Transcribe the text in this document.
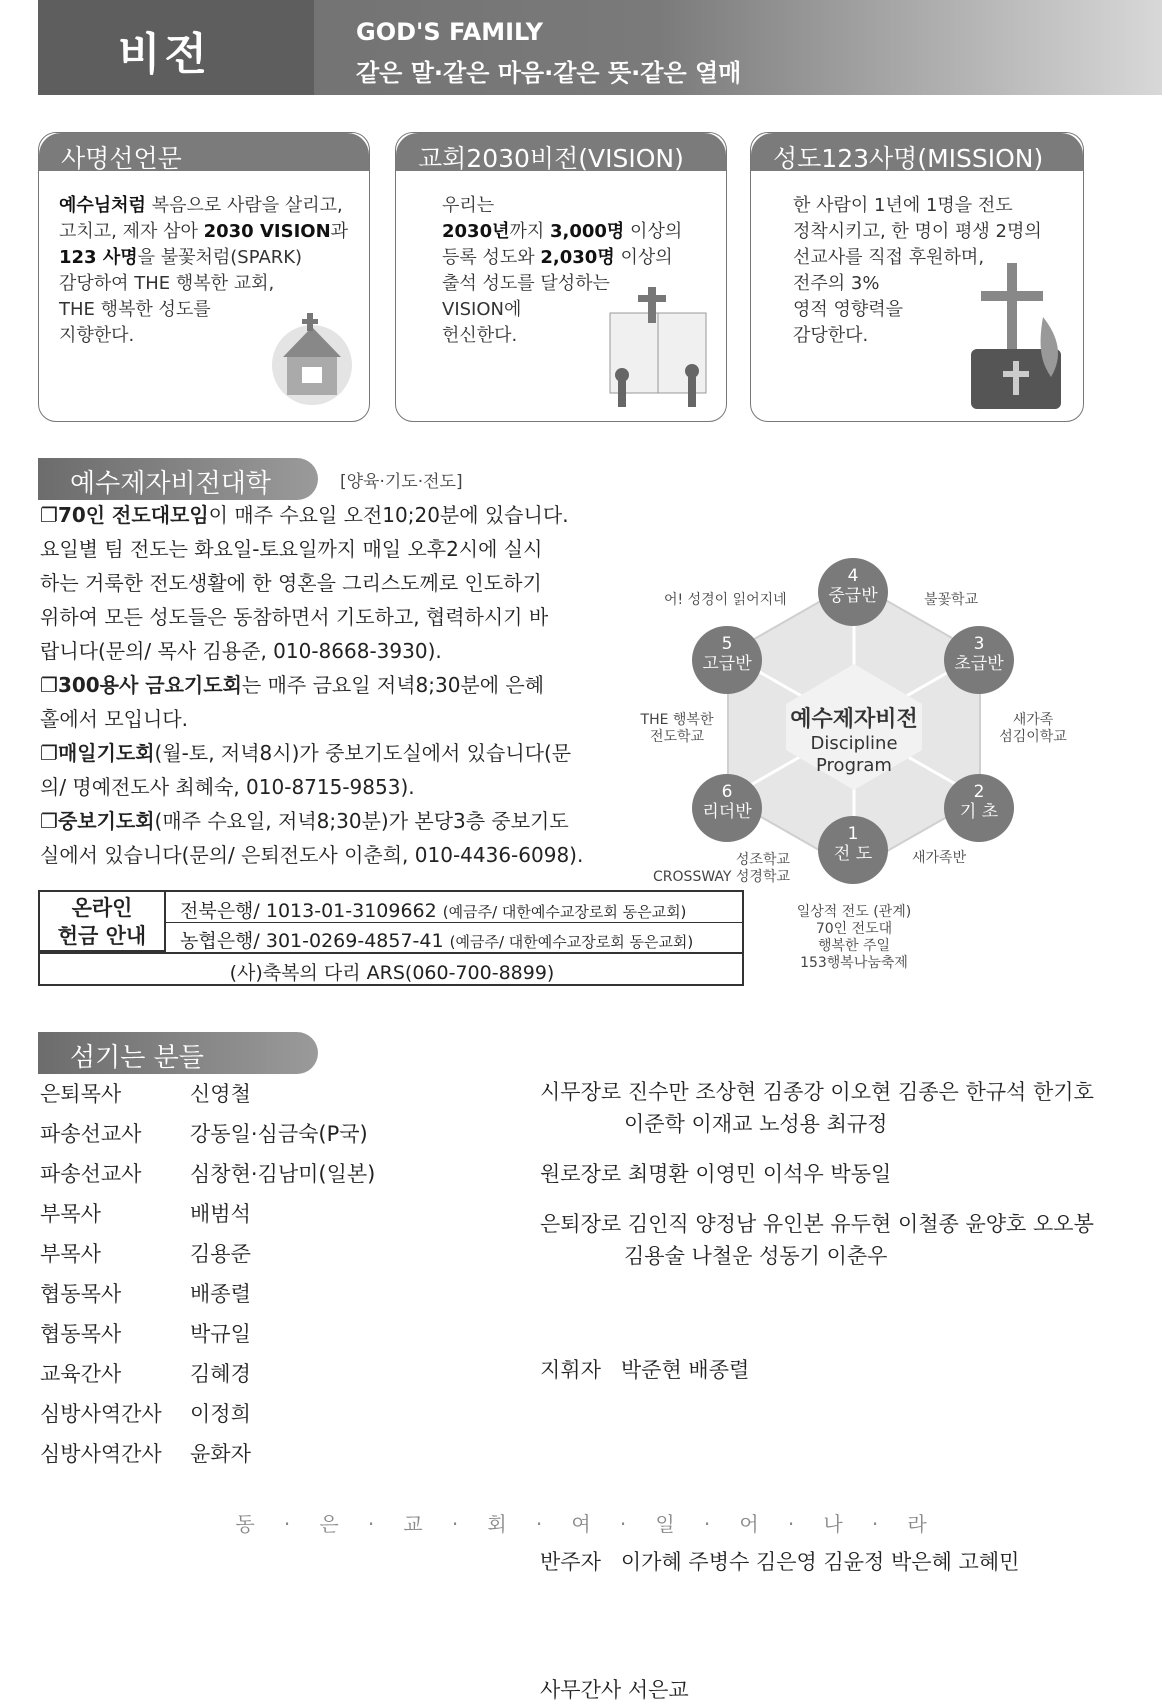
비전	GOD'S FAMILY
같은 말·같은 마음·같은 뜻·같은 열매
사명선언문
예수님처럼 복음으로 사람을 살리고,
고치고, 제자 삼아 2030 VISION과
123 사명을 불꽃처럼(SPARK)
감당하여 THE 행복한 교회,
THE 행복한 성도를
지향한다.
교회2030비전(VISION)
우리는
2030년까지 3,000명 이상의
등록 성도와 2,030명 이상의
출석 성도를 달성하는
VISION에
헌신한다.
성도123사명(MISSION)
한 사람이 1년에 1명을 전도
정착시키고, 한 명이 평생 2명의
선교사를 직접 후원하며,
전주의 3%
영적 영향력을
감당한다.
예수제자비전대학	[양육·기도·전도]
❐70인 전도대모임이 매주 수요일 오전10;20분에 있습니다.
요일별 팀 전도는 화요일-토요일까지 매일 오후2시에 실시
하는 거룩한 전도생활에 한 영혼을 그리스도께로 인도하기
위하여 모든 성도들은 동참하면서 기도하고, 협력하시기 바
랍니다(문의/ 목사 김용준, 010-8668-3930).
❐300용사 금요기도회는 매주 금요일 저녁8;30분에 은혜
홀에서 모입니다.
❐매일기도회(월-토, 저녁8시)가 중보기도실에서 있습니다(문
의/ 명예전도사 최혜숙, 010-8715-9853).
❐중보기도회(매주 수요일, 저녁8;30분)가 본당3층 중보기도
실에서 있습니다(문의/ 은퇴전도사 이춘희, 010-4436-6098).
온라인
헌금 안내
전북은행/ 1013-01-3109662 (예금주/ 대한예수교장로회 동은교회)
농협은행/ 301-0269-4857-41 (예금주/ 대한예수교장로회 동은교회)
(사)축복의 다리 ARS(060-700-8899)
예수제자비전
Discipline
Program
4
중급반
3
초급반
2
기 초
1
전 도
6
리더반
5
고급반
어! 성경이 읽어지네	불꽃학교
새가족
섬김이학교
새가족반
THE 행복한
전도학교
성조학교
CROSSWAY 성경학교
일상적 전도 (관계)
70인 전도대
행복한 주일
153행복나눔축제
섬기는 분들
은퇴목사	신영철
파송선교사 강동일·심금숙(P국)
파송선교사 심창현·김남미(일본)
부목사	배범석
부목사	김용준
협동목사	배종렬
협동목사	박규일
교육간사	김혜경
심방사역간사 이정희
심방사역간사 윤화자
시무장로 진수만 조상현 김종강 이오현 김종은 한규석 한기호
이준학 이재교 노성용 최규정
원로장로 최명환 이영민 이석우 박동일
은퇴장로 김인직 양정남 유인본 유두현 이철종 윤양호 오오봉
김용술 나철운 성동기 이춘우

지휘자   박준현 배종렬

반주자   이가혜 주병수 김은영 김윤정 박은혜 고혜민

사무간사 서은교
동 · 은 · 교 · 회 · 여 · 일 · 어 · 나 · 라
